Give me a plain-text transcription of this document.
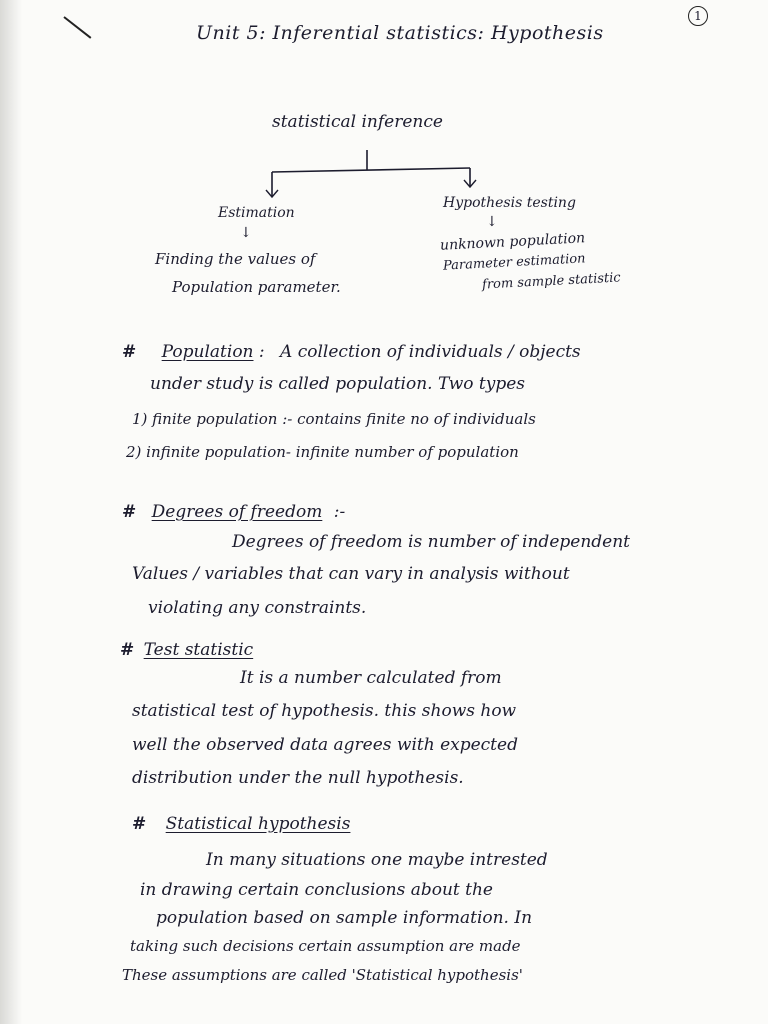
1
Unit 5: Inferential statistics: Hypothesis
statistical inference
Estimation
↓
Finding the values of
Population parameter.
Hypothesis testing
↓
unknown population
Parameter estimation
from sample statistic
# Population : A collection of individuals / objects
under study is called population. Two types
1) finite population :- contains finite no of individuals
2) infinite population- infinite number of population
# Degrees of freedom :-
Degrees of freedom is number of independent
Values / variables that can vary in analysis without
violating any constraints.
# Test statistic
It is a number calculated from
statistical test of hypothesis. this shows how
well the observed data agrees with expected
distribution under the null hypothesis.
# Statistical hypothesis
In many situations one maybe intrested
in drawing certain conclusions about the
population based on sample information. In
taking such decisions certain assumption are made
These assumptions are called 'Statistical hypothesis'
